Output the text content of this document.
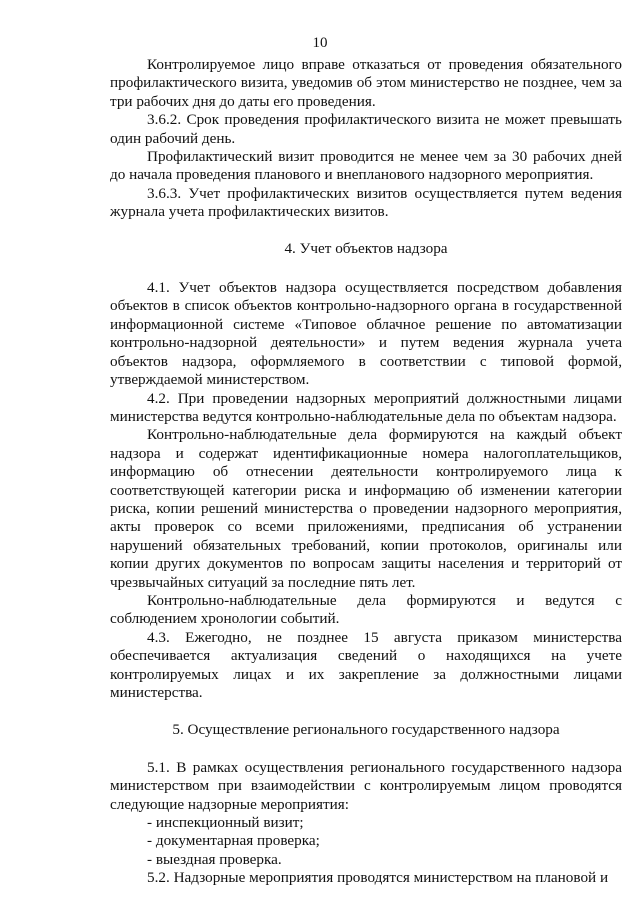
10

Контролируемое лицо вправе отказаться от проведения обязательного профилактического визита, уведомив об этом министерство не позднее, чем за три рабочих дня до даты его проведения.

3.6.2. Срок проведения профилактического визита не может превышать один рабочий день.

Профилактический визит проводится не менее чем за 30 рабочих дней до начала проведения планового и внепланового надзорного мероприятия.

3.6.3. Учет профилактических визитов осуществляется путем ведения журнала учета профилактических визитов.

4. Учет объектов надзора

4.1. Учет объектов надзора осуществляется посредством добавления объектов в список объектов контрольно-надзорного органа в государственной информационной системе «Типовое облачное решение по автоматизации контрольно-надзорной деятельности» и путем ведения журнала учета объектов надзора, оформляемого в соответствии с типовой формой, утверждаемой министерством.

4.2. При проведении надзорных мероприятий должностными лицами министерства ведутся контрольно-наблюдательные дела по объектам надзора.

Контрольно-наблюдательные дела формируются на каждый объект надзора и содержат идентификационные номера налогоплательщиков, информацию об отнесении деятельности контролируемого лица к соответствующей категории риска и информацию об изменении категории риска, копии решений министерства о проведении надзорного мероприятия, акты проверок со всеми приложениями, предписания об устранении нарушений обязательных требований, копии протоколов, оригиналы или копии других документов по вопросам защиты населения и территорий от чрезвычайных ситуаций за последние пять лет.

Контрольно-наблюдательные дела формируются и ведутся с соблюдением хронологии событий.

4.3. Ежегодно, не позднее 15 августа приказом министерства обеспечивается актуализация сведений о находящихся на учете контролируемых лицах и их закрепление за должностными лицами министерства.

5. Осуществление регионального государственного надзора

5.1. В рамках осуществления регионального государственного надзора министерством при взаимодействии с контролируемым лицом проводятся следующие надзорные мероприятия:

- инспекционный визит;

- документарная проверка;

- выездная проверка.

5.2. Надзорные мероприятия проводятся министерством на плановой и
